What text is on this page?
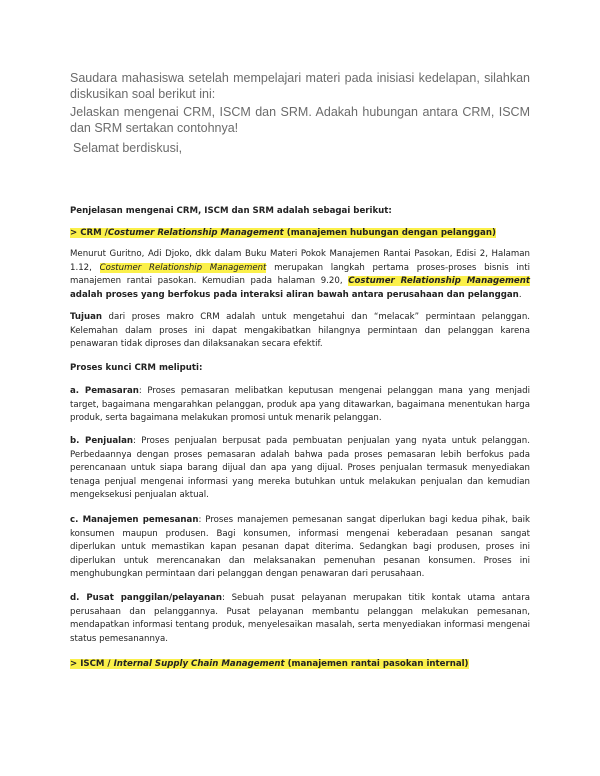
Saudara mahasiswa setelah mempelajari materi pada inisiasi kedelapan, silahkan diskusikan soal berikut ini:

Jelaskan mengenai CRM, ISCM dan SRM. Adakah hubungan antara CRM, ISCM dan SRM sertakan contohnya!

Selamat berdiskusi,

Penjelasan mengenai CRM, ISCM dan SRM adalah sebagai berikut:

> CRM /Costumer Relationship Management (manajemen hubungan dengan pelanggan)

Menurut Guritno, Adi Djoko, dkk dalam Buku Materi Pokok Manajemen Rantai Pasokan, Edisi 2, Halaman 1.12, Costumer Relationship Management merupakan langkah pertama proses-proses bisnis inti manajemen rantai pasokan. Kemudian pada halaman 9.20, Costumer Relationship Management adalah proses yang berfokus pada interaksi aliran bawah antara perusahaan dan pelanggan.

Tujuan dari proses makro CRM adalah untuk mengetahui dan “melacak” permintaan pelanggan. Kelemahan dalam proses ini dapat mengakibatkan hilangnya permintaan dan pelanggan karena penawaran tidak diproses dan dilaksanakan secara efektif.

Proses kunci CRM meliputi:

a. Pemasaran: Proses pemasaran melibatkan keputusan mengenai pelanggan mana yang menjadi target, bagaimana mengarahkan pelanggan, produk apa yang ditawarkan, bagaimana menentukan harga produk, serta bagaimana melakukan promosi untuk menarik pelanggan.

b. Penjualan: Proses penjualan berpusat pada pembuatan penjualan yang nyata untuk pelanggan. Perbedaannya dengan proses pemasaran adalah bahwa pada proses pemasaran lebih berfokus pada perencanaan untuk siapa barang dijual dan apa yang dijual. Proses penjualan termasuk menyediakan tenaga penjual mengenai informasi yang mereka butuhkan untuk melakukan penjualan dan kemudian mengeksekusi penjualan aktual.

c. Manajemen pemesanan: Proses manajemen pemesanan sangat diperlukan bagi kedua pihak, baik konsumen maupun produsen. Bagi konsumen, informasi mengenai keberadaan pesanan sangat diperlukan untuk memastikan kapan pesanan dapat diterima. Sedangkan bagi produsen, proses ini diperlukan untuk merencanakan dan melaksanakan pemenuhan pesanan konsumen. Proses ini menghubungkan permintaan dari pelanggan dengan penawaran dari perusahaan.

d. Pusat panggilan/pelayanan: Sebuah pusat pelayanan merupakan titik kontak utama antara perusahaan dan pelanggannya. Pusat pelayanan membantu pelanggan melakukan pemesanan, mendapatkan informasi tentang produk, menyelesaikan masalah, serta menyediakan informasi mengenai status pemesanannya.

> ISCM / Internal Supply Chain Management (manajemen rantai pasokan internal)
